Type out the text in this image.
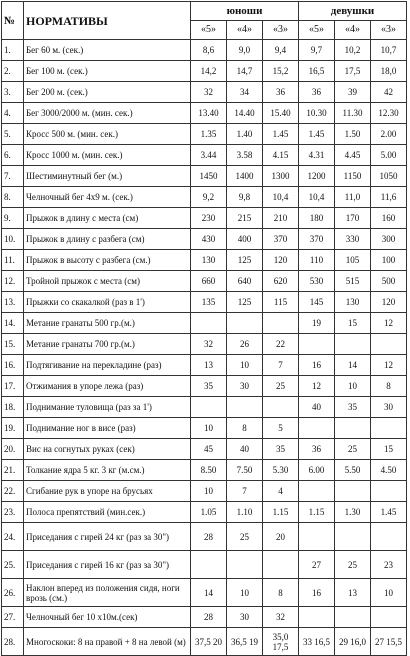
№	НОРМАТИВЫ	юноши			девушки		
		«5»	«4»	«3»	«5»	«4»	«3»
1.	Бег 60 м. (сек.)	8,6	9,0	9,4	9,7	10,2	10,7
2.	Бег 100 м. (сек.)	14,2	14,7	15,2	16,5	17,5	18,0
3.	Бег 200 м. (сек.)	32	34	36	36	39	42
4.	Бег 3000/2000 м. (мин. сек.)	13.40	14.40	15.40	10.30	11.30	12.30
5.	Кросс 500 м. (мин. сек.)	1.35	1.40	1.45	1.45	1.50	2.00
6.	Кросс 1000 м. (мин. сек.)	3.44	3.58	4.15	4.31	4.45	5.00
7.	Шестиминутный бег (м.)	1450	1400	1300	1200	1150	1050
8.	Челночный бег 4х9 м. (сек.)	9,2	9,8	10,4	10,4	11,0	11,6
9.	Прыжок в длину с места (см)	230	215	210	180	170	160
10.	Прыжок в длину с разбега (см)	430	400	370	370	330	300
11.	Прыжок в высоту с разбега (см.)	130	125	120	110	105	100
12.	Тройной прыжок с места (см)	660	640	620	530	515	500
13.	Прыжки со скакалкой (раз в 1')	135	125	115	145	130	120
14.	Метание гранаты 500 гр.(м.)				19	15	12
15.	Метание гранаты 700 гр.(м.)	32	26	22			
16.	Подтягивание на перекладине (раз)	13	10	7	16	14	12
17.	Отжимания в упоре лежа (раз)	35	30	25	12	10	8
18.	Поднимание туловища (раз за 1')				40	35	30
19.	Поднимание ног в висе (раз)	10	8	5			
20.	Вис на согнутых руках (сек)	45	40	35	36	25	15
21.	Толкание ядра 5 кг. 3 кг (м.см.)	8.50	7.50	5.30	6.00	5.50	4.50
22.	Сгибание рук в упоре на брусьях	10	7	4			
23.	Полоса препятствий (мин.сек.)	1.05	1.10	1.15	1.15	1.30	1.45
24.	Приседания с гирей 24 кг (раз за 30")	28	25	20			
25.	Приседания с гирей 16 кг (раз за 30")				27	25	23
26.	Наклон вперед из положения сидя, ноги врозь (см.)	14	10	8	16	13	10
27.	Челночный бег 10 х10м.(сек)	28	30	32			
28.	Многоскоки: 8 на правой + 8 на левой (м)	37,5 20	36,5 19	35,0 17,5	33 16,5	29 16,0	27 15,5
